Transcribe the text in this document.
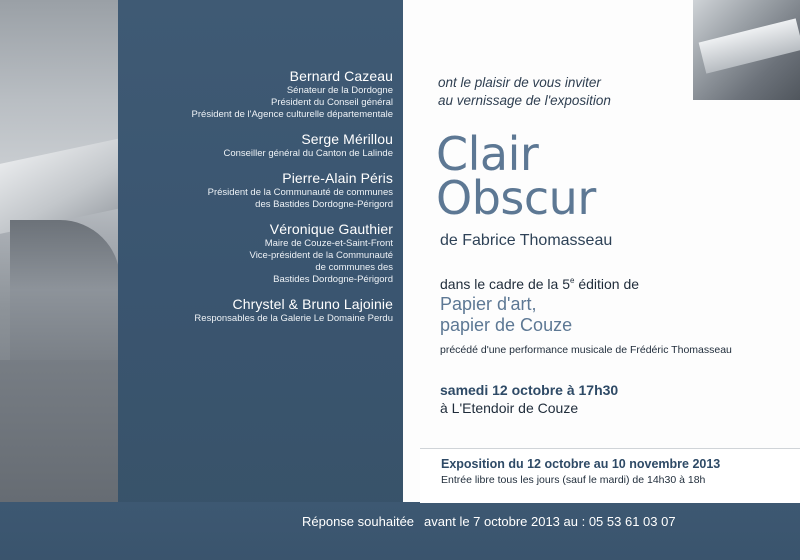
Bernard Cazeau
Sénateur de la Dordogne
Président du Conseil général
Président de l'Agence culturelle départementale
Serge Mérillou
Conseiller général du Canton de Lalinde
Pierre-Alain Péris
Président de la Communauté de communes
des Bastides Dordogne-Périgord
Véronique Gauthier
Maire de Couze-et-Saint-Front
Vice-président de la Communauté
de communes des
Bastides Dordogne-Périgord
Chrystel & Bruno Lajoinie
Responsables de la Galerie Le Domaine Perdu
ont le plaisir de vous inviter
au vernissage de l'exposition
Clair
Obscur
de Fabrice Thomasseau
dans le cadre de la 5e édition de
Papier d'art,
papier de Couze
précédé d'une performance musicale de Frédéric Thomasseau
samedi 12 octobre à 17h30
à L'Etendoir de Couze
Exposition du 12 octobre au 10 novembre 2013
Entrée libre tous les jours (sauf le mardi) de 14h30 à 18h
Réponse souhaitée avant le 7 octobre 2013 au : 05 53 61 03 07
